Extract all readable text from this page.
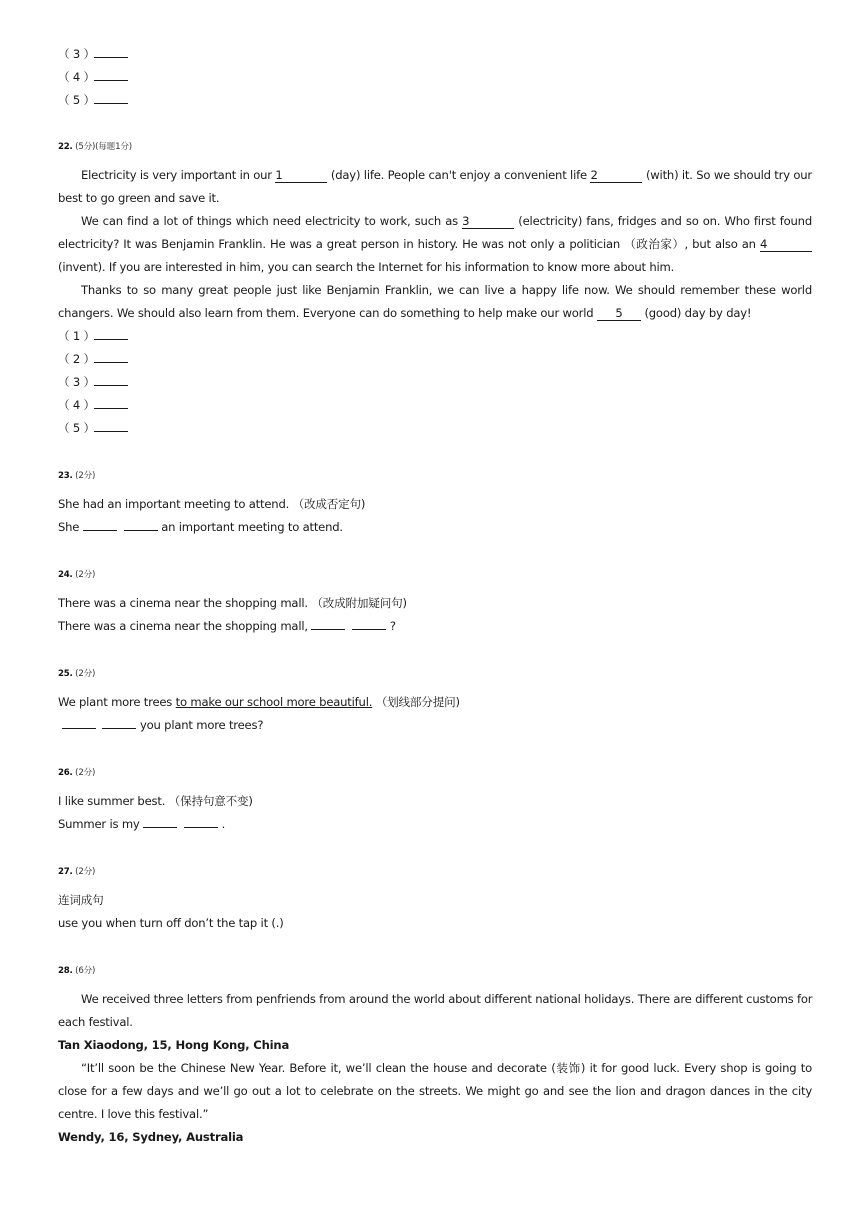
（ 3 ）
（ 4 ）
（ 5 ）
22. (5分)(每题1分)
Electricity is very important in our 1	(day) life. People can't enjoy a convenient life 2	(with) it. So we should try our
best to go green and save it.
We can find a lot of things which need electricity to work, such as 3	(electricity) fans, fridges and so on. Who first found
electricity? It was Benjamin Franklin. He was a great person in history. He was not only a politician （政治家）, but also an 4
(invent). If you are interested in him, you can search the Internet for his information to know more about him.
Thanks to so many great people just like Benjamin Franklin, we can live a happy life now. We should remember these world
changers. We should also learn from them. Everyone can do something to help make our world 5 (good) day by day!
（ 1 ）
（ 2 ）
（ 3 ）
（ 4 ）
（ 5 ）
23. (2分)
She had an important meeting to attend. （改成否定句)
She	an important meeting to attend.
24. (2分)
There was a cinema near the shopping mall. （改成附加疑问句)
There was a cinema near the shopping mall,	?
25. (2分)
We plant more trees to make our school more beautiful. （划线部分提问)
you plant more trees?
26. (2分)
I like summer best. （保持句意不变)
Summer is my	.
27. (2分)
连词成句
use you when turn off don’t the tap it (.)
28. (6分)
We received three letters from penfriends from around the world about different national holidays. There are different customs for
each festival.
Tan Xiaodong, 15, Hong Kong, China
“It’ll soon be the Chinese New Year. Before it, we’ll clean the house and decorate (装饰) it for good luck. Every shop is going to
close for a few days and we’ll go out a lot to celebrate on the streets. We might go and see the lion and dragon dances in the city
centre. I love this festival.”
Wendy, 16, Sydney, Australia
